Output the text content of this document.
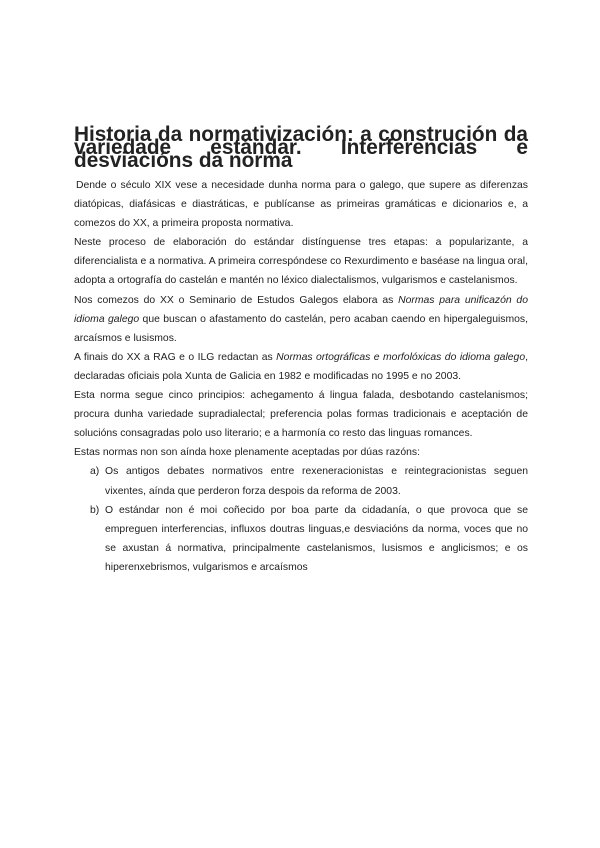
Historia da normativización: a construción da variedade estándar. Interferencias e desviacións da norma

Dende o século XIX vese a necesidade dunha norma para o galego, que supere as diferenzas diatópicas, diafásicas e diastráticas, e publícanse as primeiras gramáticas e dicionarios e, a comezos do XX, a primeira proposta normativa.

Neste proceso de elaboración do estándar distínguense tres etapas: a popularizante, a diferencialista e a normativa. A primeira correspóndese co Rexurdimento e baséase na lingua oral, adopta a ortografía do castelán e mantén no léxico dialectalismos, vulgarismos e castelanismos.

Nos comezos do XX o Seminario de Estudos Galegos elabora as Normas para unificazón do idioma galego que buscan o afastamento do castelán, pero acaban caendo en hipergaleguismos, arcaísmos e lusismos.

A finais do XX a RAG e o ILG redactan as Normas ortográficas e morfolóxicas do idioma galego, declaradas oficiais pola Xunta de Galicia en 1982 e modificadas no 1995 e no 2003.

Esta norma segue cinco principios: achegamento á lingua falada, desbotando castelanismos; procura dunha variedade supradialectal; preferencia polas formas tradicionais e aceptación de solucións consagradas polo uso literario; e a harmonía co resto das linguas romances.

Estas normas non son aínda hoxe plenamente aceptadas por dúas razóns:

a) Os antigos debates normativos entre rexeneracionistas e reintegracionistas seguen vixentes, aínda que perderon forza despois da reforma de 2003.
b) O estándar non é moi coñecido por boa parte da cidadanía, o que provoca que se empreguen interferencias, influxos doutras linguas,e desviacións da norma, voces que no se axustan á normativa, principalmente castelanismos, lusismos e anglicismos; e os hiperenxebrismos, vulgarismos e arcaísmos
